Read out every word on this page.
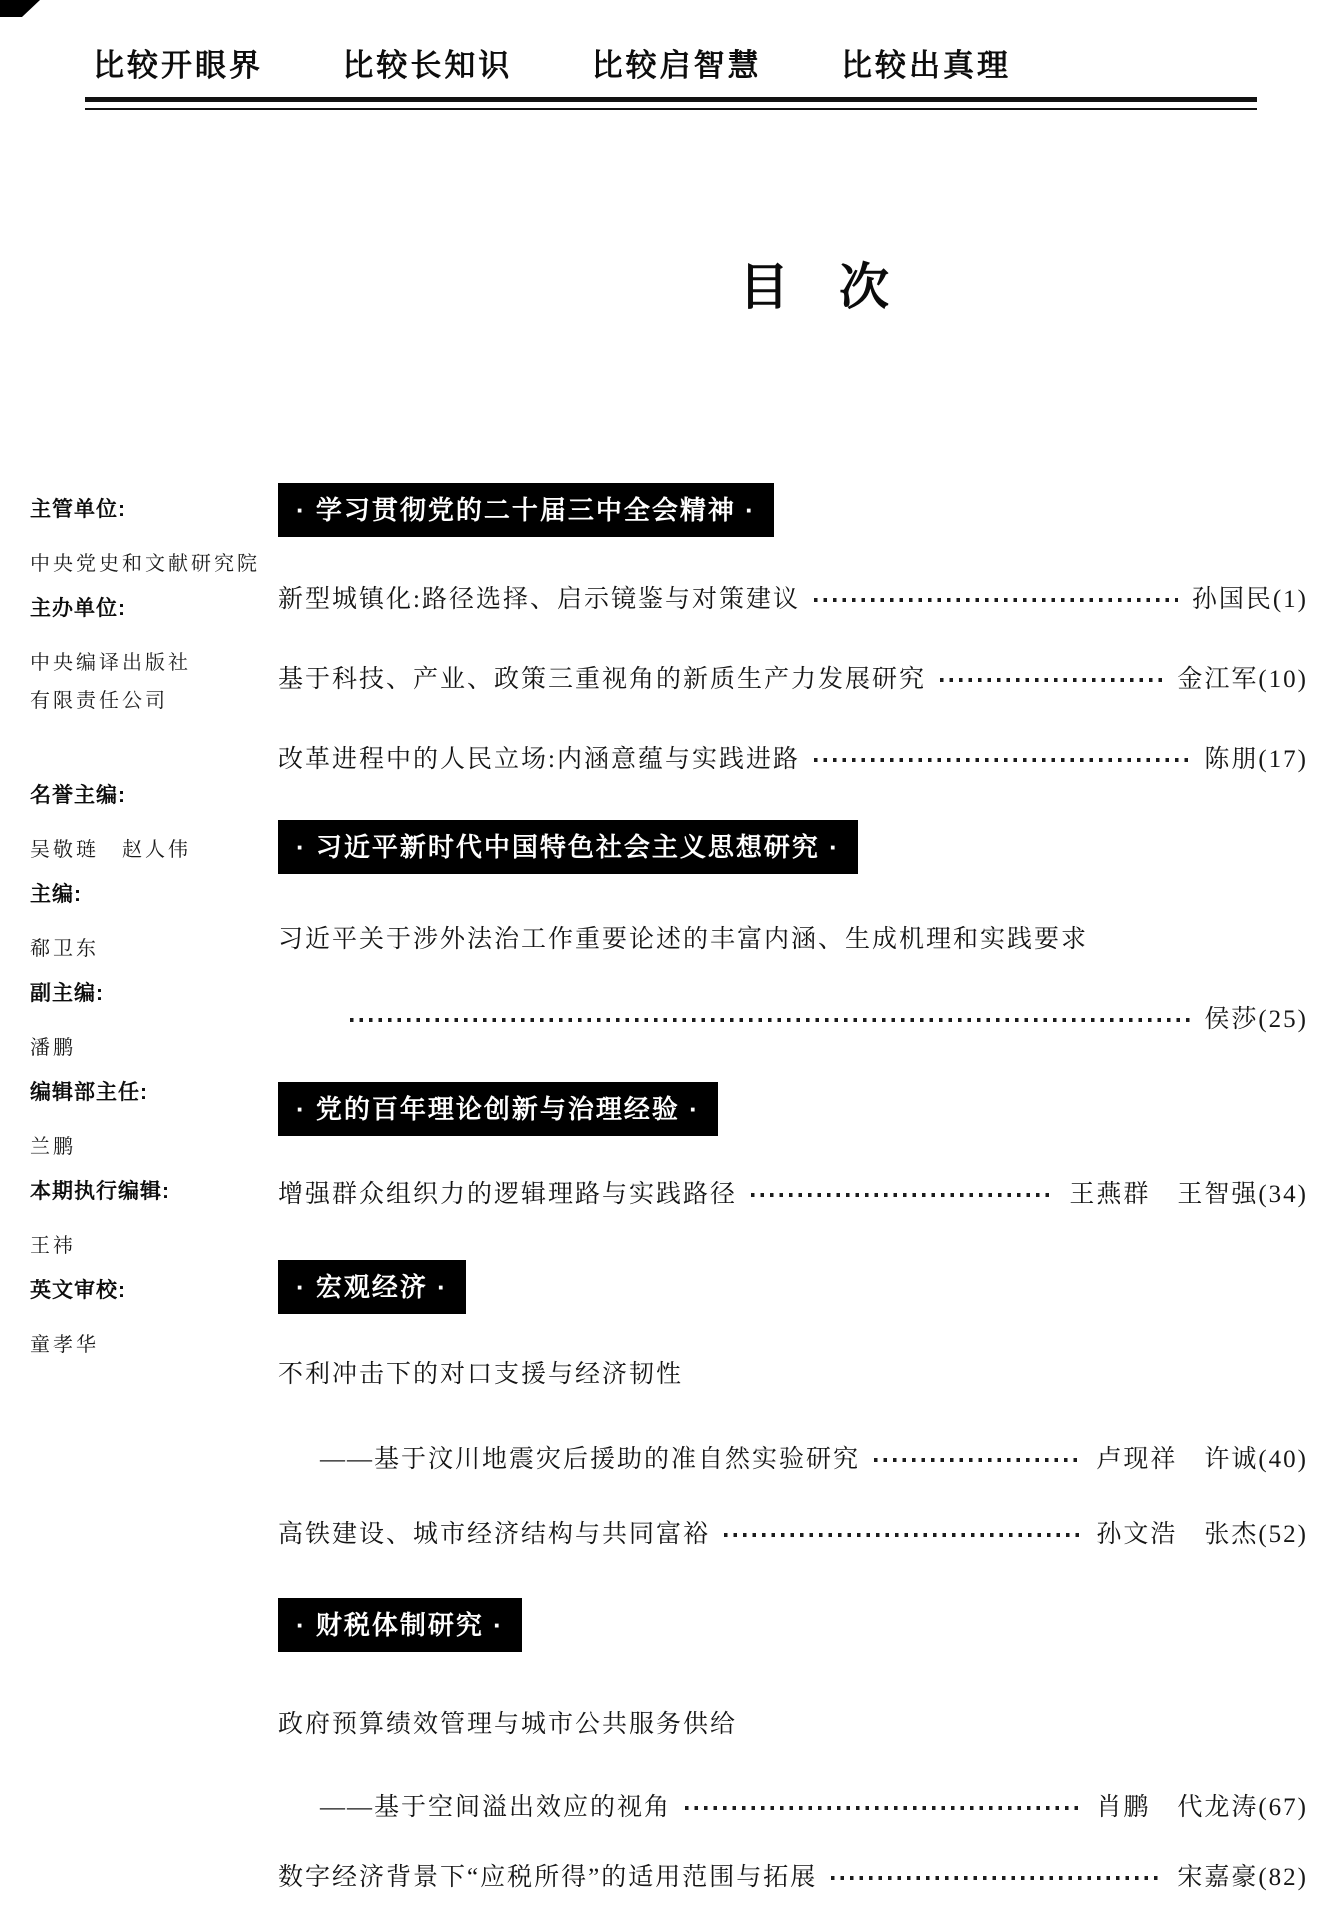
比较开眼界	比较长知识	比较启智慧	比较出真理
目　次
主管单位:
中央党史和文献研究院
主办单位:
中央编译出版社
有限责任公司
名誉主编:
吴敬琏　赵人伟
主编:
郗卫东
副主编:
潘鹏
编辑部主任:
兰鹏
本期执行编辑:
王祎
英文审校:
童孝华
· 学习贯彻党的二十届三中全会精神 ·
新型城镇化:路径选择、启示镜鉴与对策建议	孙国民(1)
基于科技、产业、政策三重视角的新质生产力发展研究	金江军(10)
改革进程中的人民立场:内涵意蕴与实践进路	陈朋(17)
· 习近平新时代中国特色社会主义思想研究 ·
习近平关于涉外法治工作重要论述的丰富内涵、生成机理和实践要求
侯莎(25)
· 党的百年理论创新与治理经验 ·
增强群众组织力的逻辑理路与实践路径	王燕群　王智强(34)
· 宏观经济 ·
不利冲击下的对口支援与经济韧性
——基于汶川地震灾后援助的准自然实验研究	卢现祥　许诚(40)
高铁建设、城市经济结构与共同富裕	孙文浩　张杰(52)
· 财税体制研究 ·
政府预算绩效管理与城市公共服务供给
——基于空间溢出效应的视角	肖鹏　代龙涛(67)
数字经济背景下“应税所得”的适用范围与拓展	宋嘉豪(82)
